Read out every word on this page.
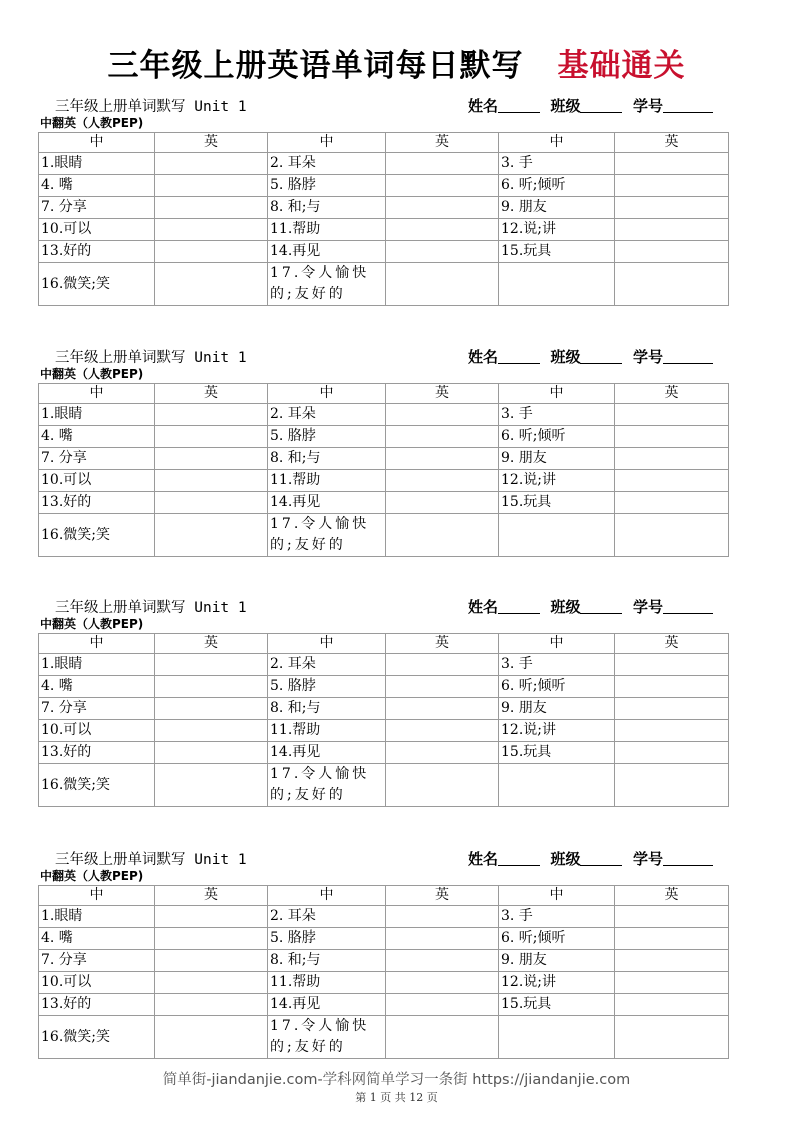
三年级上册英语单词每日默写 基础通关
三年级上册单词默写 Unit 1	姓名	班级	学号
中翻英（人教PEP)
中	英	中	英	中	英
1.眼睛		2. 耳朵		3. 手	
4. 嘴		5. 胳脖		6. 听;倾听	
7. 分享		8. 和;与		9. 朋友	
10.可以		11.帮助		12.说;讲	
13.好的		14.再见		15.玩具	
16.微笑;笑		17.令人愉快的;友好的			
三年级上册单词默写 Unit 1	姓名	班级	学号
中翻英（人教PEP)
中	英	中	英	中	英
1.眼睛		2. 耳朵		3. 手	
4. 嘴		5. 胳脖		6. 听;倾听	
7. 分享		8. 和;与		9. 朋友	
10.可以		11.帮助		12.说;讲	
13.好的		14.再见		15.玩具	
16.微笑;笑		17.令人愉快的;友好的			
三年级上册单词默写 Unit 1	姓名	班级	学号
中翻英（人教PEP)
中	英	中	英	中	英
1.眼睛		2. 耳朵		3. 手	
4. 嘴		5. 胳脖		6. 听;倾听	
7. 分享		8. 和;与		9. 朋友	
10.可以		11.帮助		12.说;讲	
13.好的		14.再见		15.玩具	
16.微笑;笑		17.令人愉快的;友好的			
三年级上册单词默写 Unit 1	姓名	班级	学号
中翻英（人教PEP)
中	英	中	英	中	英
1.眼睛		2. 耳朵		3. 手	
4. 嘴		5. 胳脖		6. 听;倾听	
7. 分享		8. 和;与		9. 朋友	
10.可以		11.帮助		12.说;讲	
13.好的		14.再见		15.玩具	
16.微笑;笑		17.令人愉快的;友好的			
简单街-jiandanjie.com-学科网简单学习一条街 https://jiandanjie.com
第 1 页 共 12 页
